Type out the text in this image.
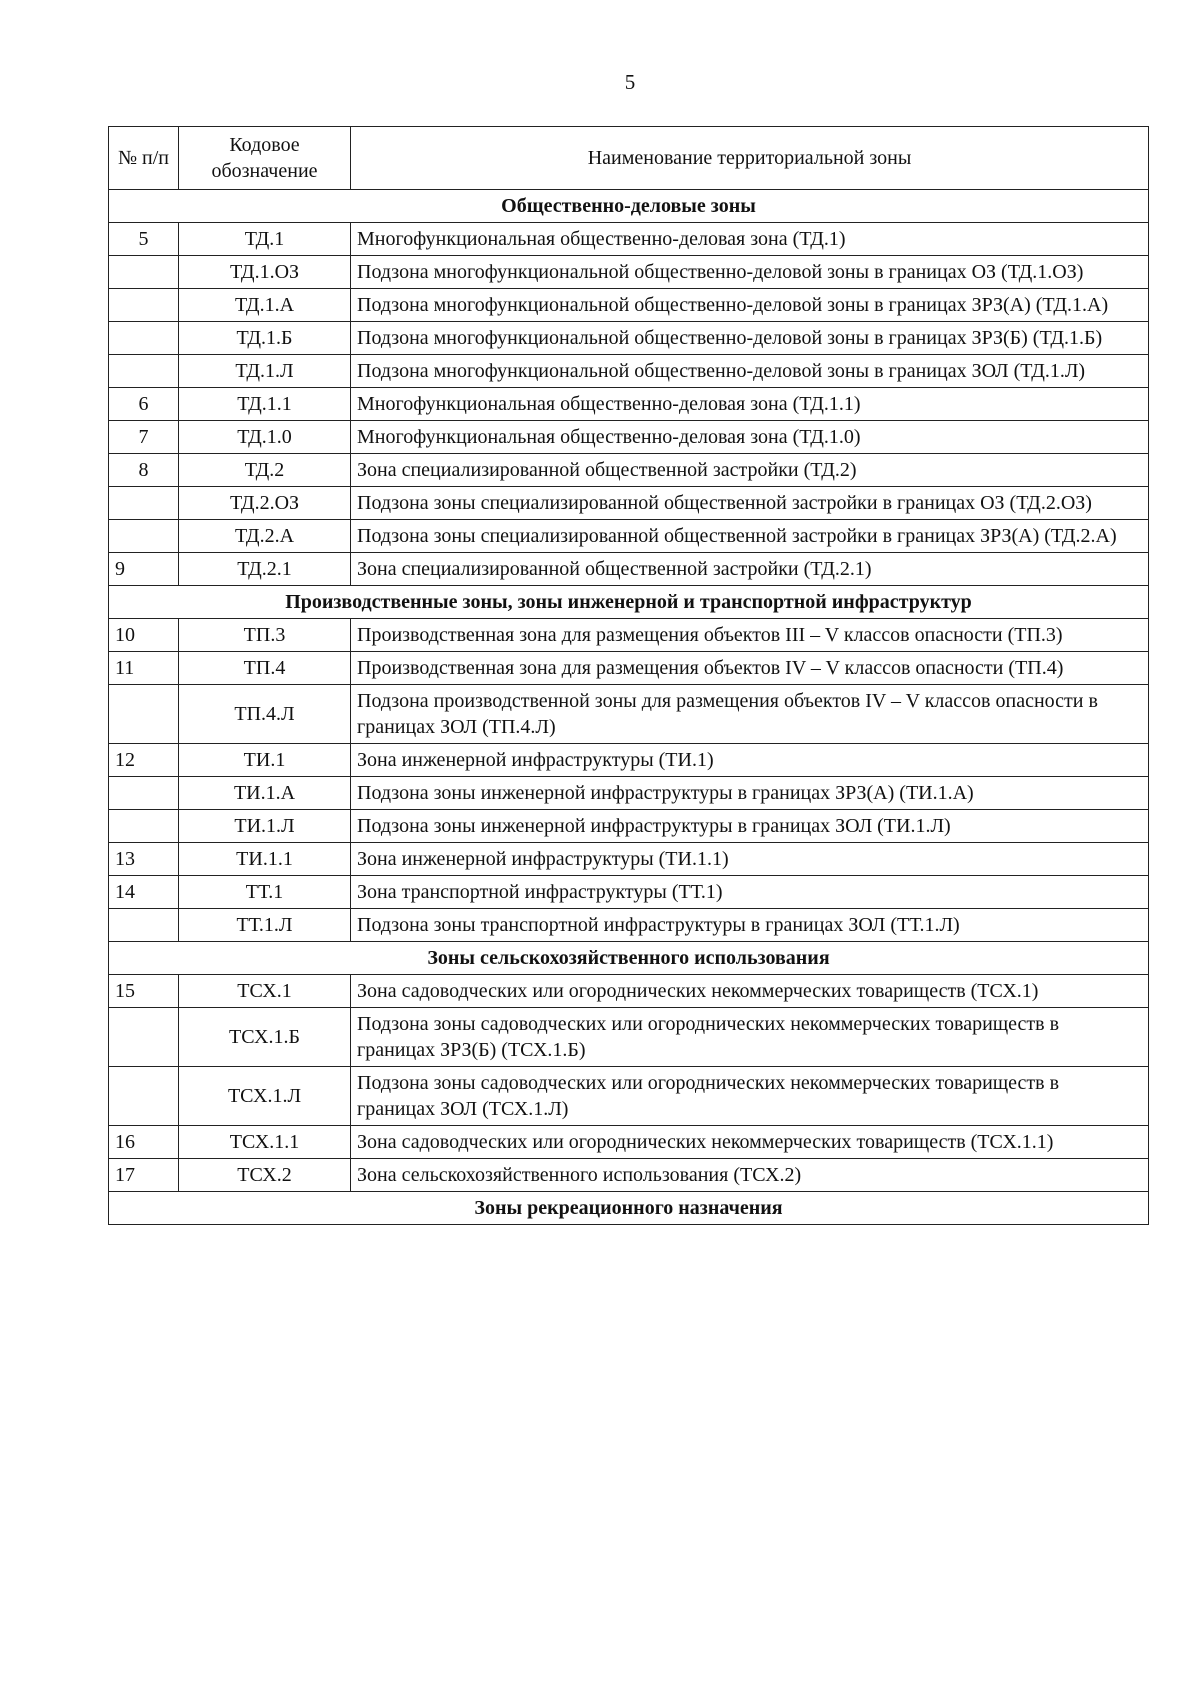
5
№ п/п	Кодовое обозначение	Наименование территориальной зоны
Общественно-деловые зоны		
5	ТД.1	Многофункциональная общественно-деловая зона (ТД.1)
	ТД.1.ОЗ	Подзона многофункциональной общественно-деловой зоны в границах ОЗ (ТД.1.ОЗ)
	ТД.1.А	Подзона многофункциональной общественно-деловой зоны в границах ЗРЗ(А) (ТД.1.А)
	ТД.1.Б	Подзона многофункциональной общественно-деловой зоны в границах ЗРЗ(Б) (ТД.1.Б)
	ТД.1.Л	Подзона многофункциональной общественно-деловой зоны в границах ЗОЛ (ТД.1.Л)
6	ТД.1.1	Многофункциональная общественно-деловая зона (ТД.1.1)
7	ТД.1.0	Многофункциональная общественно-деловая зона (ТД.1.0)
8	ТД.2	Зона специализированной общественной застройки (ТД.2)
	ТД.2.ОЗ	Подзона зоны специализированной общественной застройки в границах ОЗ (ТД.2.ОЗ)
	ТД.2.А	Подзона зоны специализированной общественной застройки в границах ЗРЗ(А) (ТД.2.А)
9	ТД.2.1	Зона специализированной общественной застройки (ТД.2.1)
Производственные зоны, зоны инженерной и транспортной инфраструктур		
10	ТП.3	Производственная зона для размещения объектов III – V классов опасности (ТП.3)
11	ТП.4	Производственная зона для размещения объектов IV – V классов опасности (ТП.4)
	ТП.4.Л	Подзона производственной зоны для размещения объектов IV – V классов опасности в границах ЗОЛ (ТП.4.Л)
12	ТИ.1	Зона инженерной инфраструктуры (ТИ.1)
	ТИ.1.А	Подзона зоны инженерной инфраструктуры в границах ЗРЗ(А) (ТИ.1.А)
	ТИ.1.Л	Подзона зоны инженерной инфраструктуры в границах ЗОЛ (ТИ.1.Л)
13	ТИ.1.1	Зона инженерной инфраструктуры (ТИ.1.1)
14	ТТ.1	Зона транспортной инфраструктуры (ТТ.1)
	ТТ.1.Л	Подзона зоны транспортной инфраструктуры в границах ЗОЛ (ТТ.1.Л)
Зоны сельскохозяйственного использования		
15	ТСХ.1	Зона садоводческих или огороднических некоммерческих товариществ (ТСХ.1)
	ТСХ.1.Б	Подзона зоны садоводческих или огороднических некоммерческих товариществ в границах ЗРЗ(Б) (ТСХ.1.Б)
	ТСХ.1.Л	Подзона зоны садоводческих или огороднических некоммерческих товариществ в границах ЗОЛ (ТСХ.1.Л)
16	ТСХ.1.1	Зона садоводческих или огороднических некоммерческих товариществ (ТСХ.1.1)
17	ТСХ.2	Зона сельскохозяйственного использования (ТСХ.2)
Зоны рекреационного назначения		
